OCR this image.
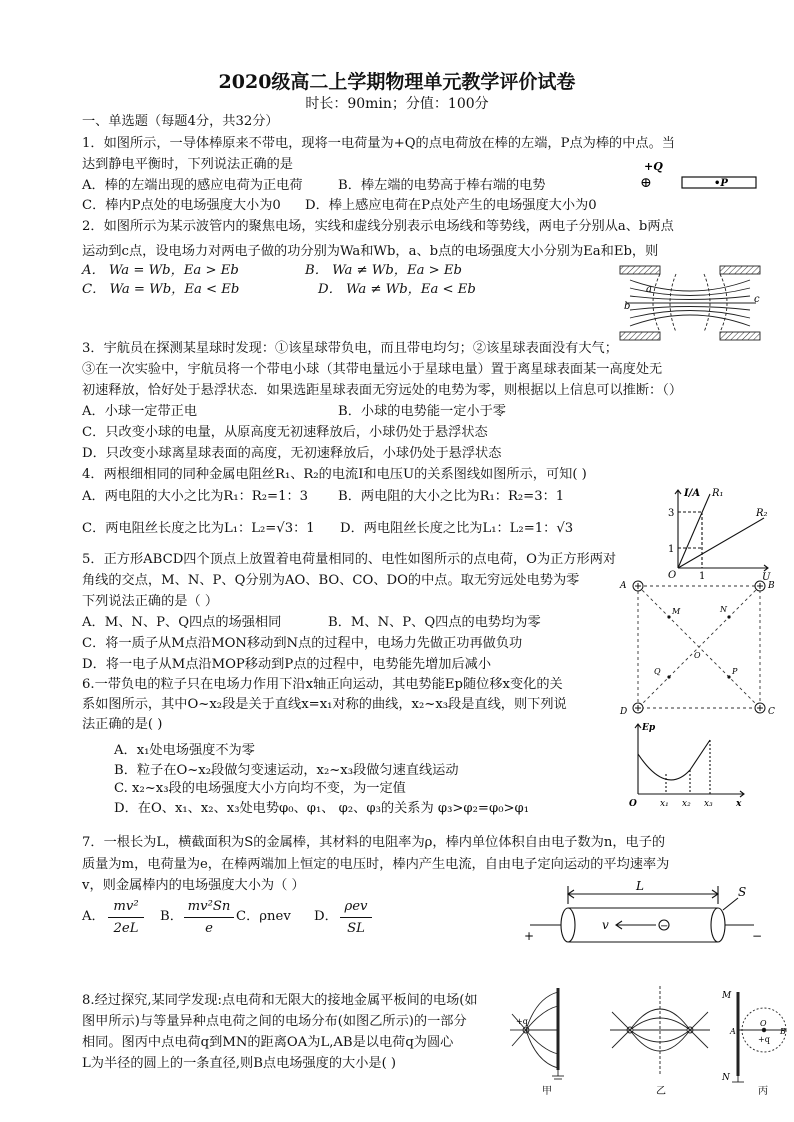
2020级高二上学期物理单元教学评价试卷
时长：90min；分值：100分
一、单选题（每题4分，共32分）
1．如图所示，一导体棒原来不带电，现将一电荷量为+Q的点电荷放在棒的左端，P点为棒的中点。当
达到静电平衡时，下列说法正确的是
A．棒的左端出现的感应电荷为正电荷	B．棒左端的电势高于棒右端的电势
C．棒内P点处的电场强度大小为0 D．棒上感应电荷在P点处产生的电场强度大小为0
+Q
⊕	•P
2．如图所示为某示波管内的聚焦电场，实线和虚线分别表示电场线和等势线，两电子分别从a、b两点
运动到c点，设电场力对两电子做的功分别为Wa和Wb，a、b点的电场强度大小分别为Ea和Eb，则
A． Wa = Wb，Ea > Eb	B． Wa ≠ Wb，Ea > Eb
C． Wa = Wb，Ea < Eb	D． Wa ≠ Wb，Ea < Eb	a
b
c
3．宇航员在探测某星球时发现：①该星球带负电，而且带电均匀；②该星球表面没有大气；
③在一次实验中，宇航员将一个带电小球（其带电量远小于星球电量）置于离星球表面某一高度处无
初速释放，恰好处于悬浮状态．如果选距星球表面无穷远处的电势为零，则根据以上信息可以推断：（）
A．小球一定带正电	B．小球的电势能一定小于零
C．只改变小球的电量，从原高度无初速释放后，小球仍处于悬浮状态
D．只改变小球离星球表面的高度，无初速释放后，小球仍处于悬浮状态
4．两根细相同的同种金属电阻丝R₁、R₂的电流I和电压U的关系图线如图所示，可知( )
A．两电阻的大小之比为R₁：R₂=1：3 B．两电阻的大小之比为R₁：R₂=3：1
C．两电阻丝长度之比为L₁：L₂=√3：1 D．两电阻丝长度之比为L₁：L₂=1：√3
I/A
U
R₁
R₂
3
1
1
O
5．正方形ABCD四个顶点上放置着电荷量相同的、电性如图所示的点电荷，O为正方形两对
角线的交点，M、N、P、Q分别为AO、BO、CO、DO的中点。取无穷远处电势为零
下列说法正确的是（ ）
A．M、N、P、Q四点的场强相同	B．M、N、P、Q四点的电势均为零
C．将一质子从M点沿MON移动到N点的过程中，电场力先做正功再做负功
D．将一电子从M点沿MOP移动到P点的过程中，电势能先增加后减小
A	B
C
D
M	N
P
Q
O
6.一带负电的粒子只在电场力作用下沿x轴正向运动，其电势能Ep随位移x变化的关
系如图所示，其中O~x₂段是关于直线x=x₁对称的曲线，x₂~x₃段是直线，则下列说
法正确的是( )
A．x₁处电场强度不为零
B．粒子在O~x₂段做匀变速运动，x₂~x₃段做匀速直线运动
C. x₂~x₃段的电场强度大小方向均不变，为一定值
D．在O、x₁、x₂、x₃处电势φ₀、φ₁、 φ₂、φ₃的关系为 φ₃>φ₂=φ₀>φ₁
Ep
O	x₁ x₂ x₃	x
7．一根长为L，横截面积为S的金属棒，其材料的电阻率为ρ，棒内单位体积自由电子数为n，电子的
质量为m，电荷量为e，在棒两端加上恒定的电压时，棒内产生电流，自由电子定向运动的平均速率为
v，则金属棒内的电场强度大小为（ ）
A．
mv²
2eL
B．
mv²Sn
e
C．ρnev D．
ρev
SL
L	S
v	−
+	−
8.经过探究,某同学发现:点电荷和无限大的接地金属平板间的电场(如
图甲所示)与等量异种点电荷之间的电场分布(如图乙所示)的一部分
相同。图丙中点电荷q到MN的距离OA为L,AB是以电荷q为圆心
L为半径的圆上的一条直径,则B点电场强度的大小是( )
+q
甲	乙
M
N
A	B
O
+q
丙
